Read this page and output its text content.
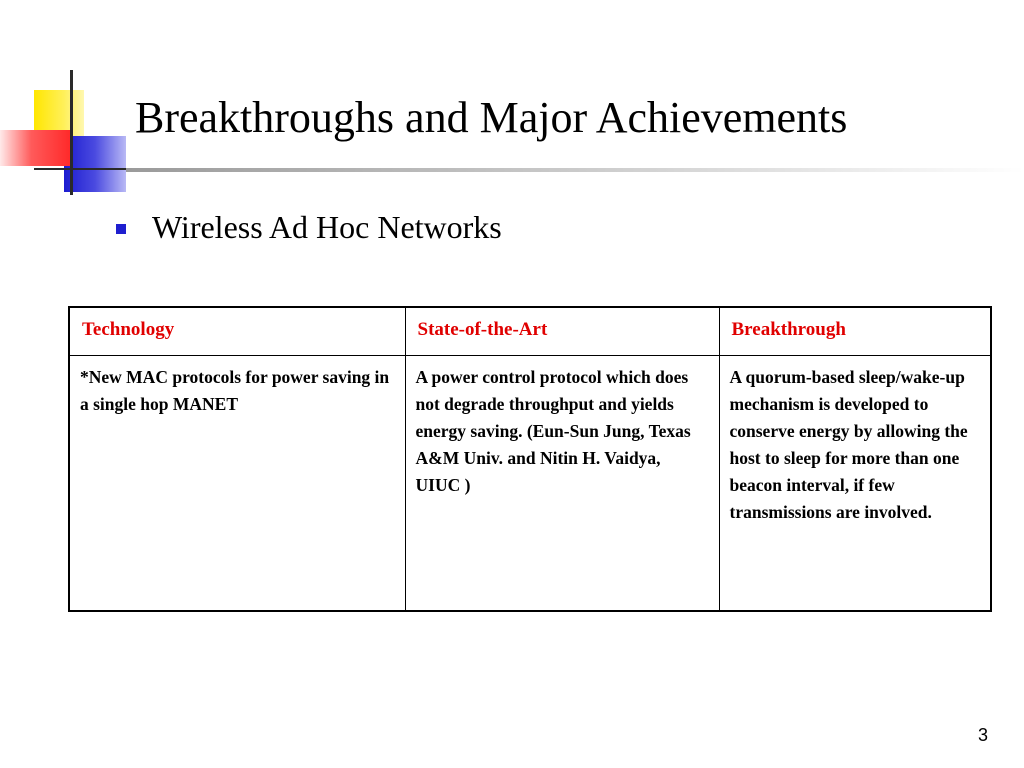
Breakthroughs and Major Achievements
Wireless Ad Hoc Networks
Technology	State-of-the-Art	Breakthrough
*New MAC protocols for power saving in a single hop MANET	A power control protocol which does not degrade throughput and yields energy saving. (Eun-Sun Jung, Texas A&M Univ. and Nitin H. Vaidya, UIUC )	A quorum-based sleep/wake-up mechanism is developed to conserve energy by allowing the host to sleep for more than one beacon interval, if few transmissions are involved.
3
